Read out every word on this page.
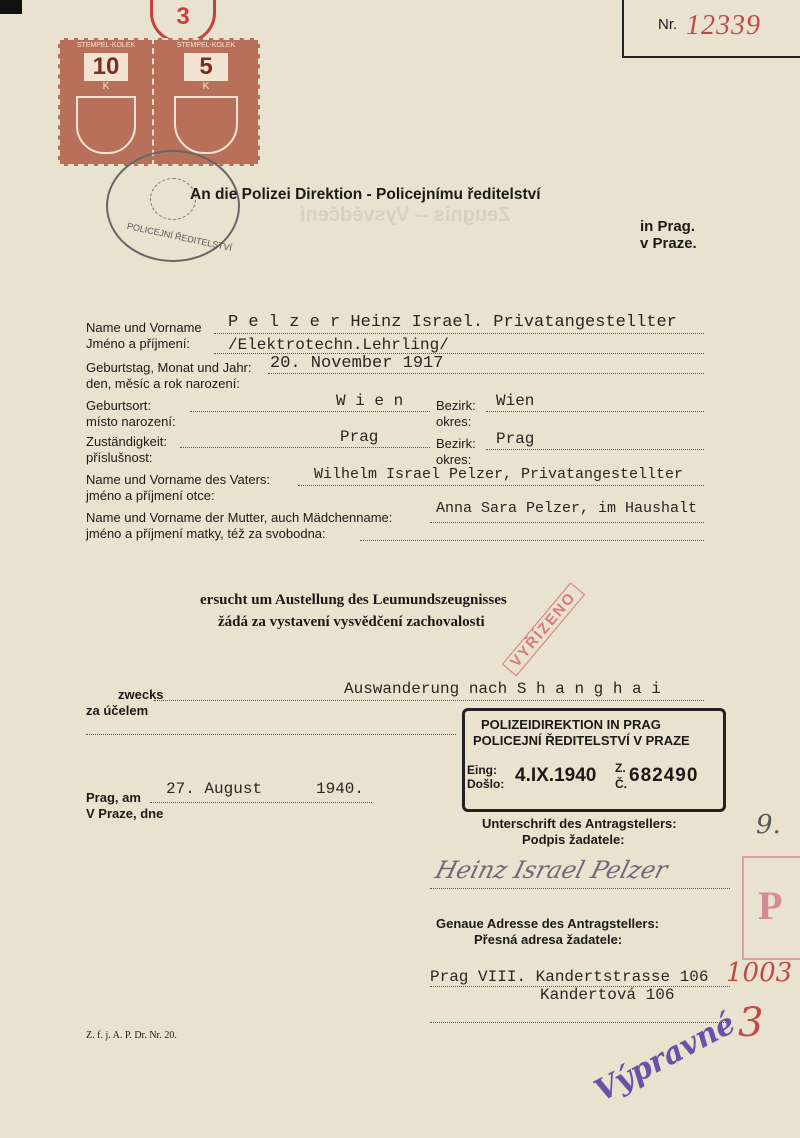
Nr. 12339
3
STEMPEL-KOLEK
10
K
STEMPEL-KOLEK
5
K
POLICEJNÍ ŘEDITELSTVÍ
An die Polizei Direktion - Policejnímu ředitelství
Zeugnis -- Vysvědčení
in Prag.
v Praze.
Name und Vorname
Jméno a příjmení:
P e l z e r Heinz Israel. Privatangestellter
/Elektrotechn.Lehrling/
Geburtstag, Monat und Jahr:
den, měsíc a rok narození:
20. November 1917
Geburtsort:
místo narození:
W i e n	Bezirk:
okres:
Wien
Zuständigkeit:
příslušnost:
Prag	Bezirk:
okres:
Prag
Name und Vorname des Vaters:
jméno a příjmení otce:
Wilhelm Israel Pelzer, Privatangestellter
Name und Vorname der Mutter, auch Mädchenname:
jméno a příjmení matky, též za svobodna:
Anna Sara Pelzer, im Haushalt
ersucht um Austellung des Leumundszeugnisses
žádá za vystavení vysvědčení zachovalosti	VYŘÍZENO
zwecks
za účelem
Auswanderung nach S h a n g h a i
POLIZEIDIREKTION IN PRAG
POLICEJNÍ ŘEDITELSTVÍ V PRAZE
Eing:
Došlo: 4.IX.1940 Z.
Č. 682490
Prag, am
V Praze, dne
27. August	1940.
Unterschrift des Antragstellers:
Podpis žadatele:
Heinz Israel Pelzer
Genaue Adresse des Antragstellers:
Přesná adresa žadatele:
Prag VIII. Kandertstrasse 106
Kandertová 106
P
9.
1003
3
Výpravné
Z. f. j. A. P. Dr. Nr. 20.
